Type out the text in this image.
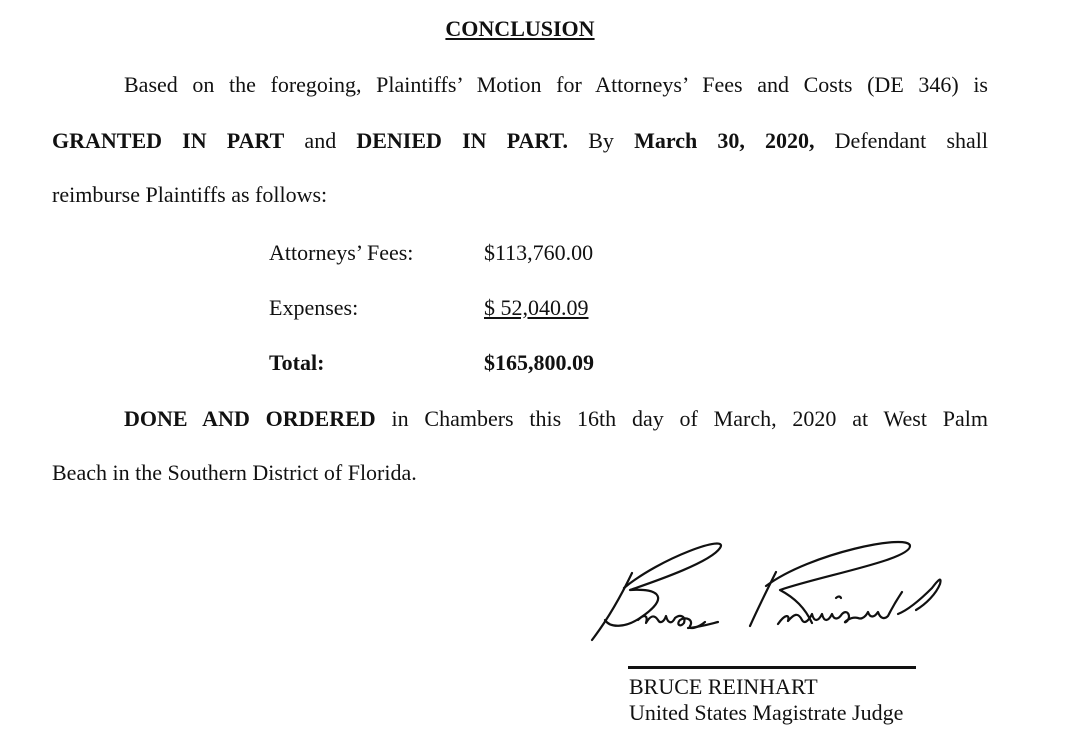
CONCLUSION
Based on the foregoing, Plaintiffs’ Motion for Attorneys’ Fees and Costs (DE 346) is
GRANTED IN PART and DENIED IN PART. By March 30, 2020, Defendant shall
reimburse Plaintiffs as follows:
Attorneys’ Fees:	$113,760.00
Expenses:	$ 52,040.09
Total:	$165,800.09
DONE AND ORDERED in Chambers this 16th day of March, 2020 at West Palm
Beach in the Southern District of Florida.
BRUCE REINHART
United States Magistrate Judge
